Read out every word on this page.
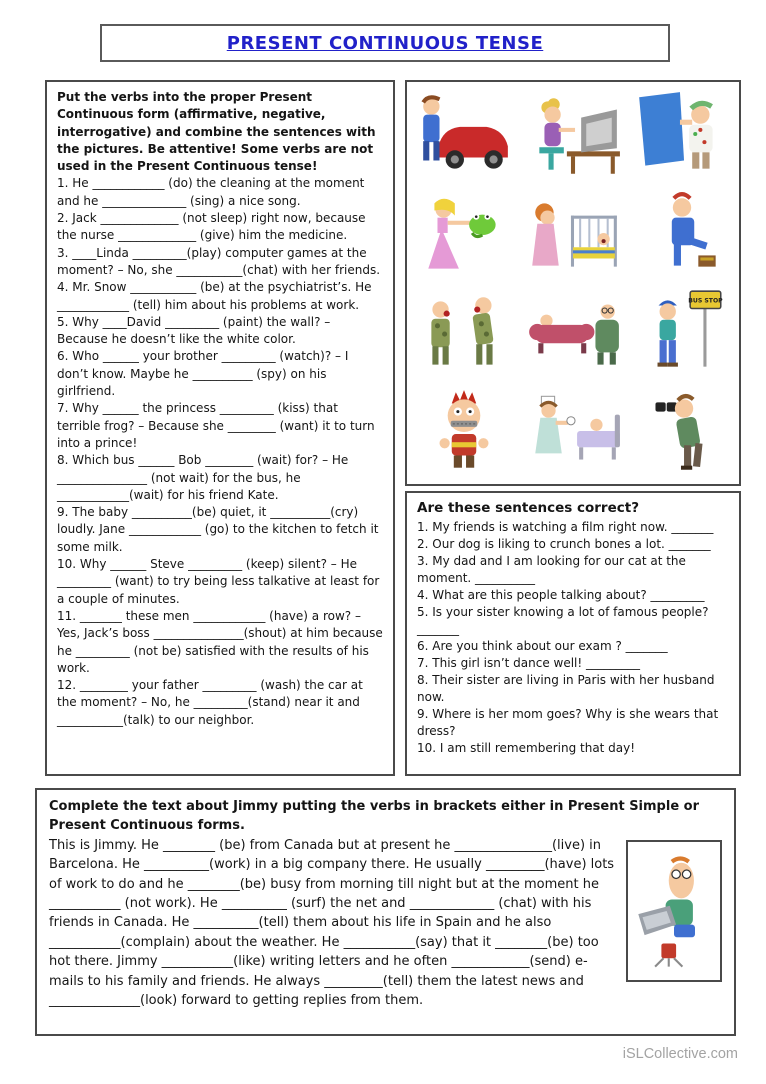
PRESENT CONTINUOUS TENSE

Put the verbs into the proper Present Continuous form (affirmative, negative, interrogative) and combine the sentences with the pictures. Be attentive! Some verbs are not used in the Present Continuous tense!

1. He ____________ (do) the cleaning at the moment and he ______________ (sing) a nice song.

2. Jack _____________ (not sleep) right now, because the nurse _____________ (give) him the medicine.

3. ____Linda _________(play) computer games at the moment? – No, she ___________(chat) with her friends.

4. Mr. Snow ___________ (be) at the psychiatrist’s. He ____________ (tell) him about his problems at work.

5. Why ____David _________ (paint) the wall? – Because he doesn’t like the white color.

6. Who ______ your brother _________ (watch)? – I don’t know. Maybe he __________ (spy) on his girlfriend.

7. Why ______ the princess _________ (kiss) that terrible frog? – Because she ________ (want) it to turn into a prince!

8. Which bus ______ Bob ________ (wait) for? – He _______________ (not wait) for the bus, he ____________(wait) for his friend Kate.

9. The baby __________(be) quiet, it __________(cry) loudly. Jane ____________ (go) to the kitchen to fetch it some milk.

10. Why ______ Steve _________ (keep) silent? – He _________ (want) to try being less talkative at least for a couple of minutes.

11. _______ these men ____________ (have) a row? – Yes, Jack’s boss _______________(shout) at him because he _________ (not be) satisfied with the results of his work.

12. ________ your father _________ (wash) the car at the moment? – No, he _________(stand) near it and ___________(talk) to our neighbor.

BUS STOP

Are these sentences correct?

1. My friends is watching a film right now. _______

2. Our dog is liking to crunch bones a lot. _______

3. My dad and I am looking for our cat at the moment. __________

4. What are this people talking about? _________

5. Is your sister knowing a lot of famous people? _______

6. Are you think about our exam ? _______

7. This girl isn’t dance well! _________

8. Their sister are living in Paris with her husband now.

9. Where is her mom goes? Why is she wears that dress?

10. I am still remembering that day!

Complete the text about Jimmy putting the verbs in brackets either in Present Simple or Present Continuous forms.

This is Jimmy. He ________ (be) from Canada but at present he _______________(live) in Barcelona. He __________(work) in a big company there. He usually _________(have) lots of work to do and he ________(be) busy from morning till night but at the moment he ___________ (not work). He __________ (surf) the net and _____________ (chat) with his friends in Canada. He __________(tell) them about his life in Spain and he also ___________(complain) about the weather. He ___________(say) that it ________(be) too hot there. Jimmy ___________(like) writing letters and he often ____________(send) e-mails to his family and friends. He always _________(tell) them the latest news and ______________(look) forward to getting replies from them.
iSLCollective.com
